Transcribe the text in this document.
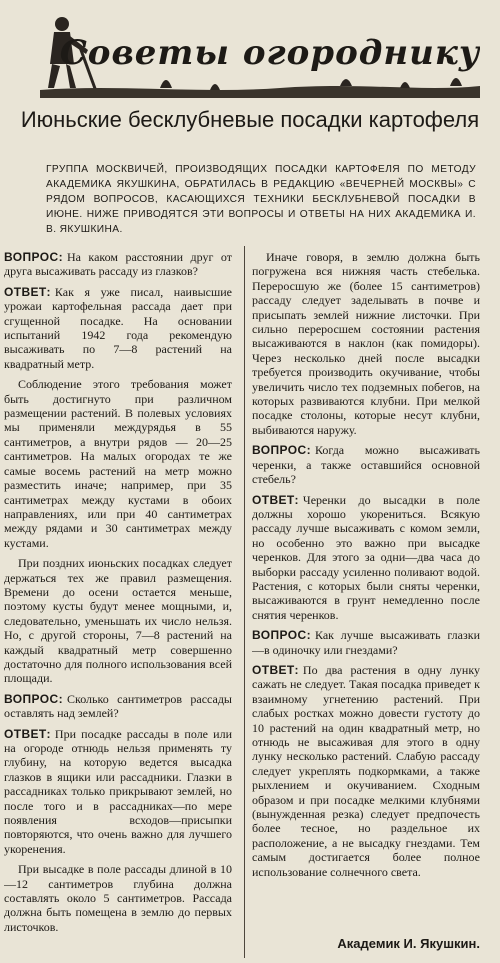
Советы огороднику
Июньские бесклубневые посадки картофеля
ГРУППА МОСКВИЧЕЙ, ПРОИЗВОДЯЩИХ ПОСАДКИ КАРТОФЕЛЯ ПО МЕТОДУ АКАДЕМИКА ЯКУШКИНА, ОБРАТИЛАСЬ В РЕДАКЦИЮ «ВЕЧЕРНЕЙ МОСКВЫ» С РЯДОМ ВОПРОСОВ, КАСАЮЩИХСЯ ТЕХНИКИ БЕСКЛУБНЕВОЙ ПОСАДКИ В ИЮНЕ. НИЖЕ ПРИВОДЯТСЯ ЭТИ ВОПРОСЫ И ОТВЕТЫ НА НИХ АКАДЕМИКА И. В. ЯКУШКИНА.

ВОПРОС: На каком расстоянии друг от друга высаживать рассаду из глазков?

ОТВЕТ: Как я уже писал, наивысшие урожаи картофельная рассада дает при сгущенной посадке. На основании испытаний 1942 года рекомендую высаживать по 7—8 растений на квадратный метр.

Соблюдение этого требования может быть достигнуто при различном размещении растений. В полевых условиях мы применяли междурядья в 55 сантиметров, а внутри рядов — 20—25 сантиметров. На малых огородах те же самые восемь растений на метр можно разместить иначе; например, при 35 сантиметрах между кустами в обоих направлениях, или при 40 сантиметрах между рядами и 30 сантиметрах между кустами.

При поздних июньских посадках следует держаться тех же правил размещения. Времени до осени остается меньше, поэтому кусты будут менее мощными, и, следовательно, уменьшать их число нельзя. Но, с другой стороны, 7—8 растений на каждый квадратный метр совершенно достаточно для полного использования всей площади.

ВОПРОС: Сколько сантиметров рассады оставлять над землей?

ОТВЕТ: При посадке рассады в поле или на огороде отнюдь нельзя применять ту глубину, на которую ведется высадка глазков в ящики или рассадники. Глазки в рассадниках только прикрывают землей, но после того и в рассадниках—по мере появления всходов—присыпки повторяются, что очень важно для лучшего укоренения.

При высадке в поле рассады длиной в 10—12 сантиметров глубина должна составлять около 5 сантиметров. Рассада должна быть помещена в землю до первых листочков.

Иначе говоря, в землю должна быть погружена вся нижняя часть стебелька. Переросшую же (более 15 сантиметров) рассаду следует заделывать в почве и присыпать землей нижние листочки. При сильно переросшем состоянии растения высаживаются в наклон (как помидоры). Через несколько дней после высадки требуется производить окучивание, чтобы увеличить число тех подземных побегов, на которых развиваются клубни. При мелкой посадке столоны, которые несут клубни, выбиваются наружу.

ВОПРОС: Когда можно высаживать черенки, а также оставшийся основной стебель?

ОТВЕТ: Черенки до высадки в поле должны хорошо укорениться. Всякую рассаду лучше высаживать с комом земли, но особенно это важно при высадке черенков. Для этого за одни—два часа до выборки рассаду усиленно поливают водой. Растения, с которых были сняты черенки, высаживаются в грунт немедленно после снятия черенков.

ВОПРОС: Как лучше высаживать глазки—в одиночку или гнездами?

ОТВЕТ: По два растения в одну лунку сажать не следует. Такая посадка приведет к взаимному угнетению растений. При слабых ростках можно довести густоту до 10 растений на один квадратный метр, но отнюдь не высаживая для этого в одну лунку несколько растений. Слабую рассаду следует укреплять подкормками, а также рыхлением и окучиванием. Сходным образом и при посадке мелкими клубнями (вынужденная резка) следует предпочесть более тесное, но раздельное их расположение, а не высадку гнездами. Тем самым достигается более полное использование солнечного света.

Академик И. Якушкин.
